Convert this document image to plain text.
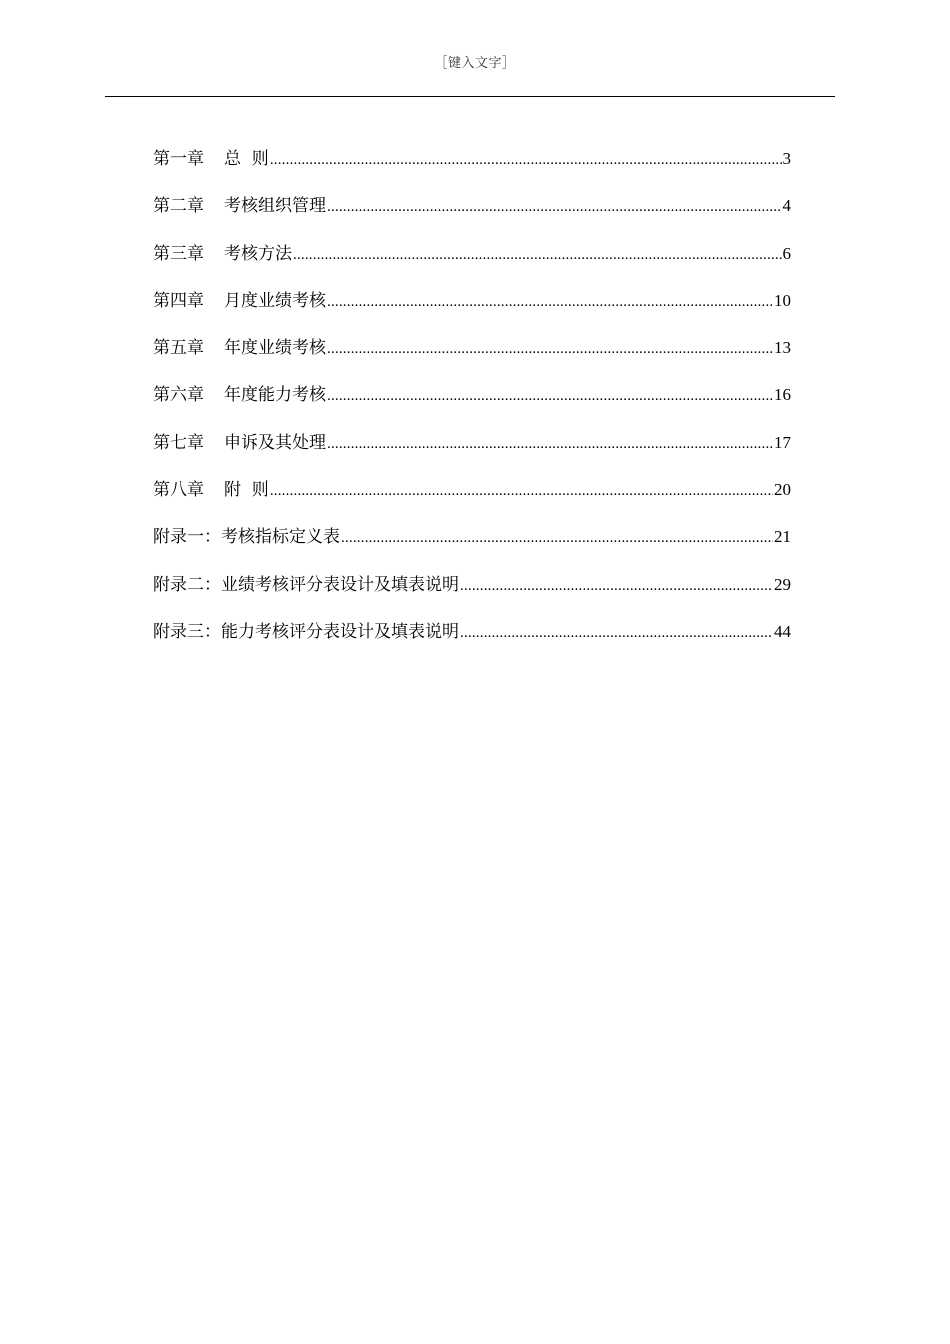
［键入文字］
第一章 总  则 .....	3
第二章 考核组织管理 .....	4
第三章 考核方法 .....	6
第四章 月度业绩考核 .....	10
第五章 年度业绩考核 .....	13
第六章 年度能力考核 .....	16
第七章 申诉及其处理 .....	17
第八章 附  则 .....	20
附录一： 考核指标定义表 .....	21
附录二： 业绩考核评分表设计及填表说明 .....	29
附录三： 能力考核评分表设计及填表说明 .....	44
